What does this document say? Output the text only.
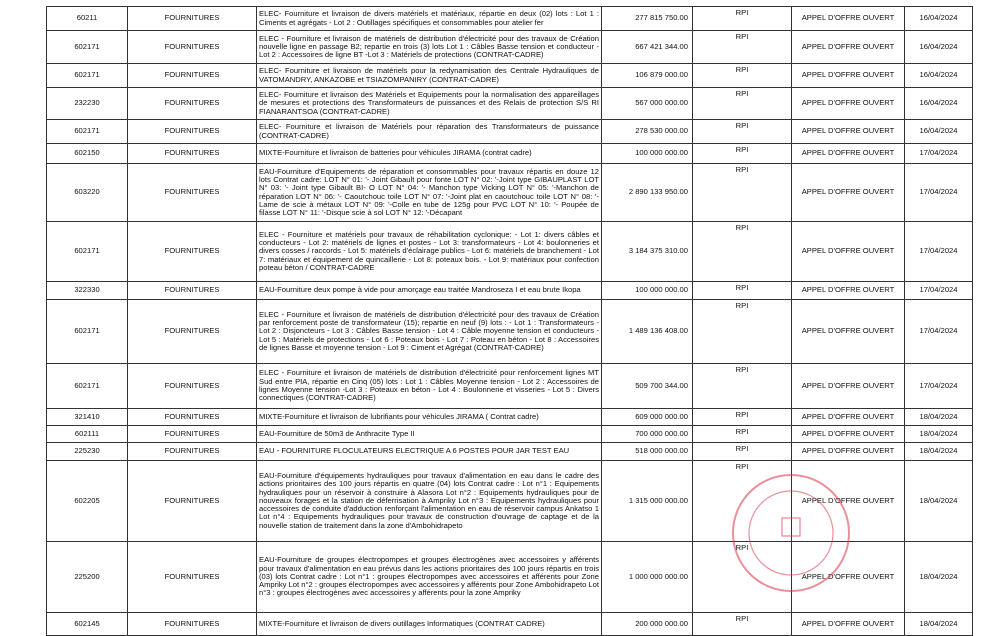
60211	FOURNITURES	ELEC- Fourniture et livraison de divers matériels et matériaux, répartie en deux (02) lots : Lot 1 : Ciments et agrégats - Lot 2 : Outillages spécifiques et consommables pour atelier fer	277 815 750.00	RPI	APPEL D'OFFRE OUVERT	16/04/2024
602171	FOURNITURES	ELEC - Fourniture et livraison de matériels de distribution d'électricité pour des travaux de Création nouvelle ligne en passage B2; repartie en trois (3) lots Lot 1 : Câbles Basse tension et conducteur - Lot 2 : Accessoires de ligne BT -Lot 3 : Matériels de protections (CONTRAT-CADRE)	667 421 344.00	RPI	APPEL D'OFFRE OUVERT	16/04/2024
602171	FOURNITURES	ELEC- Fourniture et livraison de matériels pour la redynamisation des Centrale Hydrauliques de VATOMANDRY, ANKAZOBE et TSIAZOMPANIRY (CONTRAT-CADRE)	106 879 000.00	RPI	APPEL D'OFFRE OUVERT	16/04/2024
232230	FOURNITURES	ELEC- Fourniture et livraison des Matériels et Equipements pour la normalisation des appareillages de mesures et protections des Transformateurs de puissances et des Relais de protection S/S RI FIANARANTSOA (CONTRAT-CADRE)	567 000 000.00	RPI	APPEL D'OFFRE OUVERT	16/04/2024
602171	FOURNITURES	ELEC- Fourniture et livraison de Matériels pour réparation des Transformateurs de puissance (CONTRAT-CADRE)	278 530 000.00	RPI	APPEL D'OFFRE OUVERT	16/04/2024
602150	FOURNITURES	MIXTE-Fourniture et livraison de batteries pour véhicules JIRAMA (contrat cadre)	100 000 000.00	RPI	APPEL D'OFFRE OUVERT	17/04/2024
603220	FOURNITURES	EAU-Fourniture d'Equipements de réparation et consommables pour travaux répartis en douze 12 lots Contrat cadre: LOT N° 01: '- Joint Gibault pour fonte LOT N° 02: '-Joint type GIBAUPLAST LOT N° 03: '- Joint type Gibault BI- O LOT N° 04: '- Manchon type Vicking LOT N° 05: '-Manchon de réparation LOT N° 06: '- Caoutchouc toile LOT N° 07: '-Joint plat en caoutchouc toile LOT N° 08: '-Lame de scie à métaux LOT N° 09: '-Colle en tube de 125g pour PVC LOT N° 10: '- Poupée de filasse LOT N° 11: '-Disque scie à sol LOT N° 12: '-Décapant	2 890 133 950.00	RPI	APPEL D'OFFRE OUVERT	17/04/2024
602171	FOURNITURES	ELEC - Fourniture et matériels pour travaux de réhabilitation cyclonique: - Lot 1: divers câbles et conducteurs - Lot 2: matériels de lignes et postes - Lot 3: transformateurs - Lot 4: boulonneries et divers cosses / raccords - Lot 5: matériels d'éclairage publics - Lot 6: matériels de branchement - Lot 7: matériaux et équipement de quincaillerie - Lot 8: poteaux bois. - Lot 9: matériaux pour confection poteau béton / CONTRAT-CADRE	3 184 375 310.00	RPI	APPEL D'OFFRE OUVERT	17/04/2024
322330	FOURNITURES	EAU-Fourniture deux pompe à vide pour amorçage eau traitée Mandroseza I et eau brute Ikopa	100 000 000.00	RPI	APPEL D'OFFRE OUVERT	17/04/2024
602171	FOURNITURES	ELEC - Fourniture et livraison de matériels de distribution d'électricité pour des travaux de Création par renforcement poste de transformateur (15); repartie en neuf (9) lots : - Lot 1 : Transformateurs -Lot 2 : Disjoncteurs - Lot 3 : Câbles Basse tension - Lot 4 : Câble moyenne tension et conducteurs - Lot 5 : Matériels de protections - Lot 6 : Poteaux bois - Lot 7 : Poteau en béton - Lot 8 : Accessoires de lignes Basse et moyenne tension - Lot 9 : Ciment et Agrégat (CONTRAT-CADRE)	1 489 136 408.00	RPI	APPEL D'OFFRE OUVERT	17/04/2024
602171	FOURNITURES	ELEC - Fourniture et livraison de matériels de distribution d'électricité pour renforcement lignes MT Sud entre PIA, répartie en Cinq (05) lots : Lot 1 : Câbles Moyenne tension - Lot 2 : Accessoires de lignes Moyenne tension -Lot 3 : Poteaux en béton - Lot 4 : Boulonnerie et visseries - Lot 5 : Divers connectiques (CONTRAT-CADRE)	509 700 344.00	RPI	APPEL D'OFFRE OUVERT	17/04/2024
321410	FOURNITURES	MIXTE-Fourniture et livraison de lubrifiants pour véhicules JIRAMA ( Contrat cadre)	609 000 000.00	RPI	APPEL D'OFFRE OUVERT	18/04/2024
602111	FOURNITURES	EAU-Fourniture de 50m3 de Anthracite Type II	700 000 000.00	RPI	APPEL D'OFFRE OUVERT	18/04/2024
225230	FOURNITURES	EAU - FOURNITURE FLOCULATEURS ELECTRIQUE A 6 POSTES POUR JAR TEST EAU	518 000 000.00	RPI	APPEL D'OFFRE OUVERT	18/04/2024
602205	FOURNITURES	EAU-Fourniture d'équipements hydrauliques pour travaux d'alimentation en eau dans le cadre des actions prioritaires des 100 jours répartis en quatre (04) lots Contrat cadre : Lot n°1 : Equipements hydrauliques pour un réservoir à construire à Alasora Lot n°2 : Equipements hydrauliques pour de nouveaux forages et la station de déferrisation à Ampriky Lot n°3 : Equipements hydrauliques pour accessoires de conduite d'adduction renforçant l'alimentation en eau de réservoir campus Ankatso 1 Lot n°4 : Equipements hydrauliques pour travaux de construction d'ouvrage de captage et de la nouvelle station de traitement dans la zone d'Ambohidrapeto	1 315 000 000.00	RPI	APPEL D'OFFRE OUVERT	18/04/2024
225200	FOURNITURES	EAU-Fourniture de groupes électropompes et groupes électrogènes avec accessoires y afférents pour travaux d'alimentation en eau prévus dans les actions prioritaires des 100 jours répartis en trois (03) lots Contrat cadre : Lot n°1 : groupes électropompes avec accessoires et afférents pour Zone Ampriky Lot n°2 : groupes électropompes avec accessoires y afférents pour Zone Ambohidrapeto Lot n°3 : groupes électrogènes avec accessoires y afférents pour la zone Ampriky	1 000 000 000.00	RPI	APPEL D'OFFRE OUVERT	18/04/2024
602145	FOURNITURES	MIXTE-Fourniture et livraison de divers outillages Informatiques (CONTRAT CADRE)	200 000 000.00	RPI	APPEL D'OFFRE OUVERT	18/04/2024
